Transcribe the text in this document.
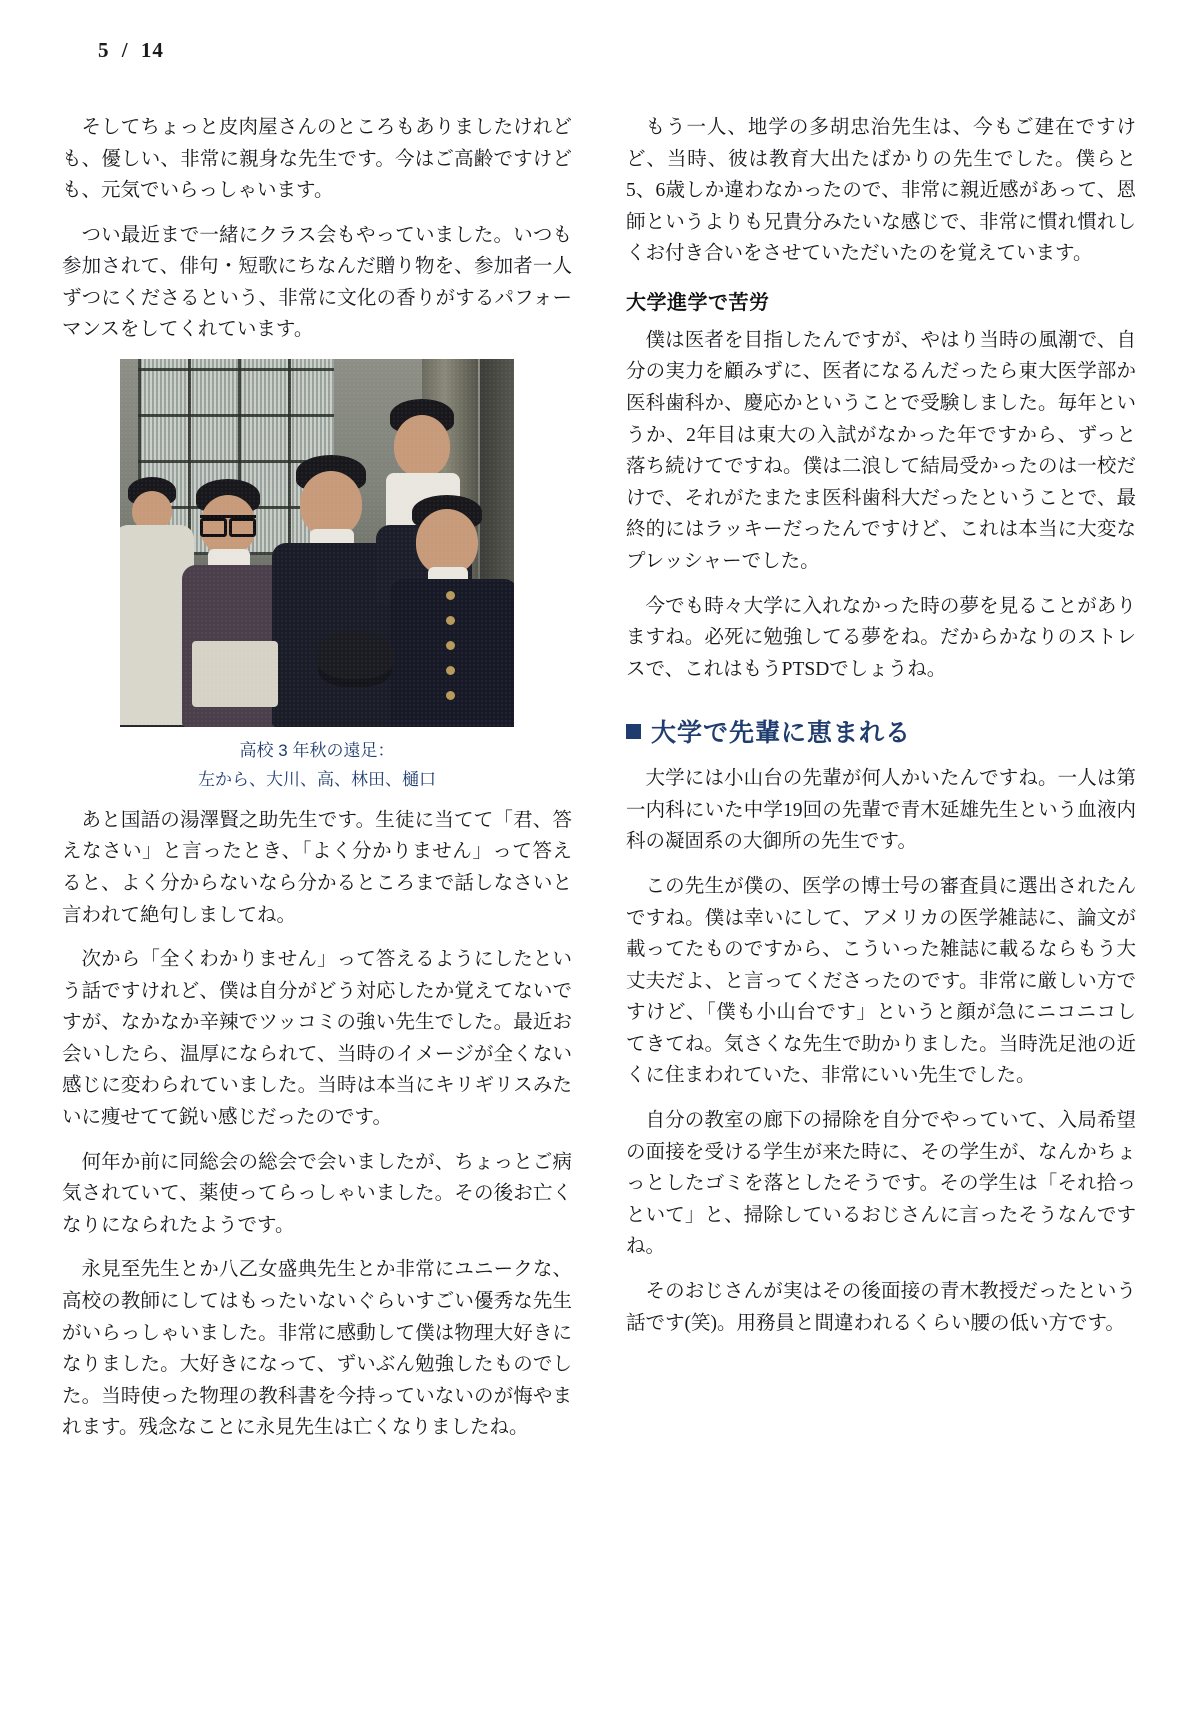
5 / 14

そしてちょっと皮肉屋さんのところもありましたけれども、優しい、非常に親身な先生です。今はご高齢ですけども、元気でいらっしゃいます。

つい最近まで一緒にクラス会もやっていました。いつも参加されて、俳句・短歌にちなんだ贈り物を、参加者一人ずつにくださるという、非常に文化の香りがするパフォーマンスをしてくれています。

高校 3 年秋の遠足：
左から、大川、高、林田、樋口

あと国語の湯澤賢之助先生です。生徒に当てて「君、答えなさい」と言ったとき、「よく分かりません」って答えると、よく分からないなら分かるところまで話しなさいと言われて絶句しましてね。

次から「全くわかりません」って答えるようにしたという話ですけれど、僕は自分がどう対応したか覚えてないですが、なかなか辛辣でツッコミの強い先生でした。最近お会いしたら、温厚になられて、当時のイメージが全くない感じに変わられていました。当時は本当にキリギリスみたいに痩せてて鋭い感じだったのです。

何年か前に同総会の総会で会いましたが、ちょっとご病気されていて、薬使ってらっしゃいました。その後お亡くなりになられたようです。

永見至先生とか八乙女盛典先生とか非常にユニークな、高校の教師にしてはもったいないぐらいすごい優秀な先生がいらっしゃいました。非常に感動して僕は物理大好きになりました。大好きになって、ずいぶん勉強したものでした。当時使った物理の教科書を今持っていないのが悔やまれます。残念なことに永見先生は亡くなりましたね。

もう一人、地学の多胡忠治先生は、今もご建在ですけど、当時、彼は教育大出たばかりの先生でした。僕らと5、6歳しか違わなかったので、非常に親近感があって、恩師というよりも兄貴分みたいな感じで、非常に慣れ慣れしくお付き合いをさせていただいたのを覚えています。

大学進学で苦労

僕は医者を目指したんですが、やはり当時の風潮で、自分の実力を顧みずに、医者になるんだったら東大医学部か医科歯科か、慶応かということで受験しました。毎年というか、2年目は東大の入試がなかった年ですから、ずっと落ち続けてですね。僕は二浪して結局受かったのは一校だけで、それがたまたま医科歯科大だったということで、最終的にはラッキーだったんですけど、これは本当に大変なプレッシャーでした。

今でも時々大学に入れなかった時の夢を見ることがありますね。必死に勉強してる夢をね。だからかなりのストレスで、これはもうPTSDでしょうね。

大学で先輩に恵まれる

大学には小山台の先輩が何人かいたんですね。一人は第一内科にいた中学19回の先輩で青木延雄先生という血液内科の凝固系の大御所の先生です。

この先生が僕の、医学の博士号の審査員に選出されたんですね。僕は幸いにして、アメリカの医学雑誌に、論文が載ってたものですから、こういった雑誌に載るならもう大丈夫だよ、と言ってくださったのです。非常に厳しい方ですけど、「僕も小山台です」というと顔が急にニコニコしてきてね。気さくな先生で助かりました。当時洗足池の近くに住まわれていた、非常にいい先生でした。

自分の教室の廊下の掃除を自分でやっていて、入局希望の面接を受ける学生が来た時に、その学生が、なんかちょっとしたゴミを落としたそうです。その学生は「それ拾っといて」と、掃除しているおじさんに言ったそうなんですね。

そのおじさんが実はその後面接の青木教授だったという話です(笑)。用務員と間違われるくらい腰の低い方です。
